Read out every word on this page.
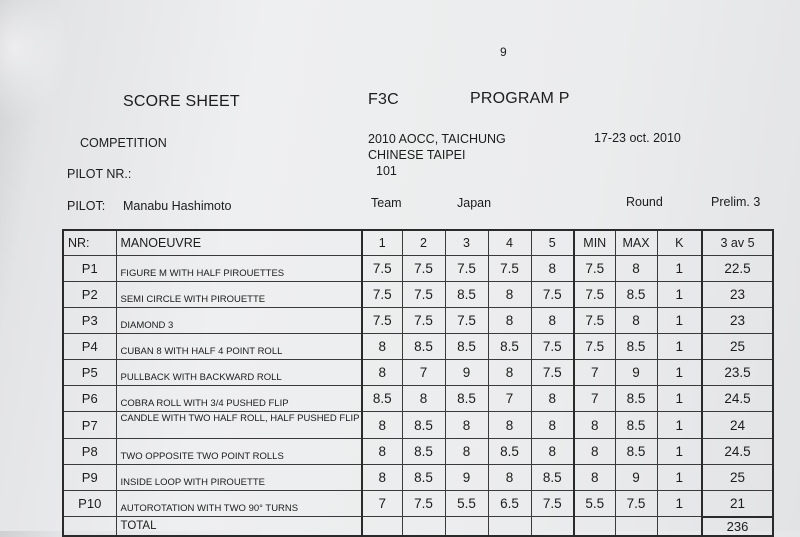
9
SCORE SHEET	F3C	PROGRAM P
COMPETITION	2010 AOCC, TAICHUNG
CHINESE TAIPEI
17-23 oct. 2010
PILOT NR.:	101
PILOT: Manabu Hashimoto	Team	Japan	Round	Prelim. 3
NR:	MANOEUVRE	1	2	3	4	5	MIN	MAX	K	3 av 5
P1	FIGURE M WITH HALF PIROUETTES	7.5	7.5	7.5	7.5	8	7.5	8	1	22.5
P2	SEMI CIRCLE WITH PIROUETTE	7.5	7.5	8.5	8	7.5	7.5	8.5	1	23
P3	DIAMOND 3	7.5	7.5	7.5	8	8	7.5	8	1	23
P4	CUBAN 8 WITH HALF 4 POINT ROLL	8	8.5	8.5	8.5	7.5	7.5	8.5	1	25
P5	PULLBACK WITH BACKWARD ROLL	8	7	9	8	7.5	7	9	1	23.5
P6	COBRA ROLL WITH 3/4 PUSHED FLIP	8.5	8	8.5	7	8	7	8.5	1	24.5
P7	CANDLE WITH TWO HALF ROLL, HALF PUSHED FLIP	8	8.5	8	8	8	8	8.5	1	24
P8	TWO OPPOSITE TWO POINT ROLLS	8	8.5	8	8.5	8	8	8.5	1	24.5
P9	INSIDE LOOP WITH PIROUETTE	8	8.5	9	8	8.5	8	9	1	25
P10	AUTOROTATION WITH TWO 90° TURNS	7	7.5	5.5	6.5	7.5	5.5	7.5	1	21
	TOTAL									236
